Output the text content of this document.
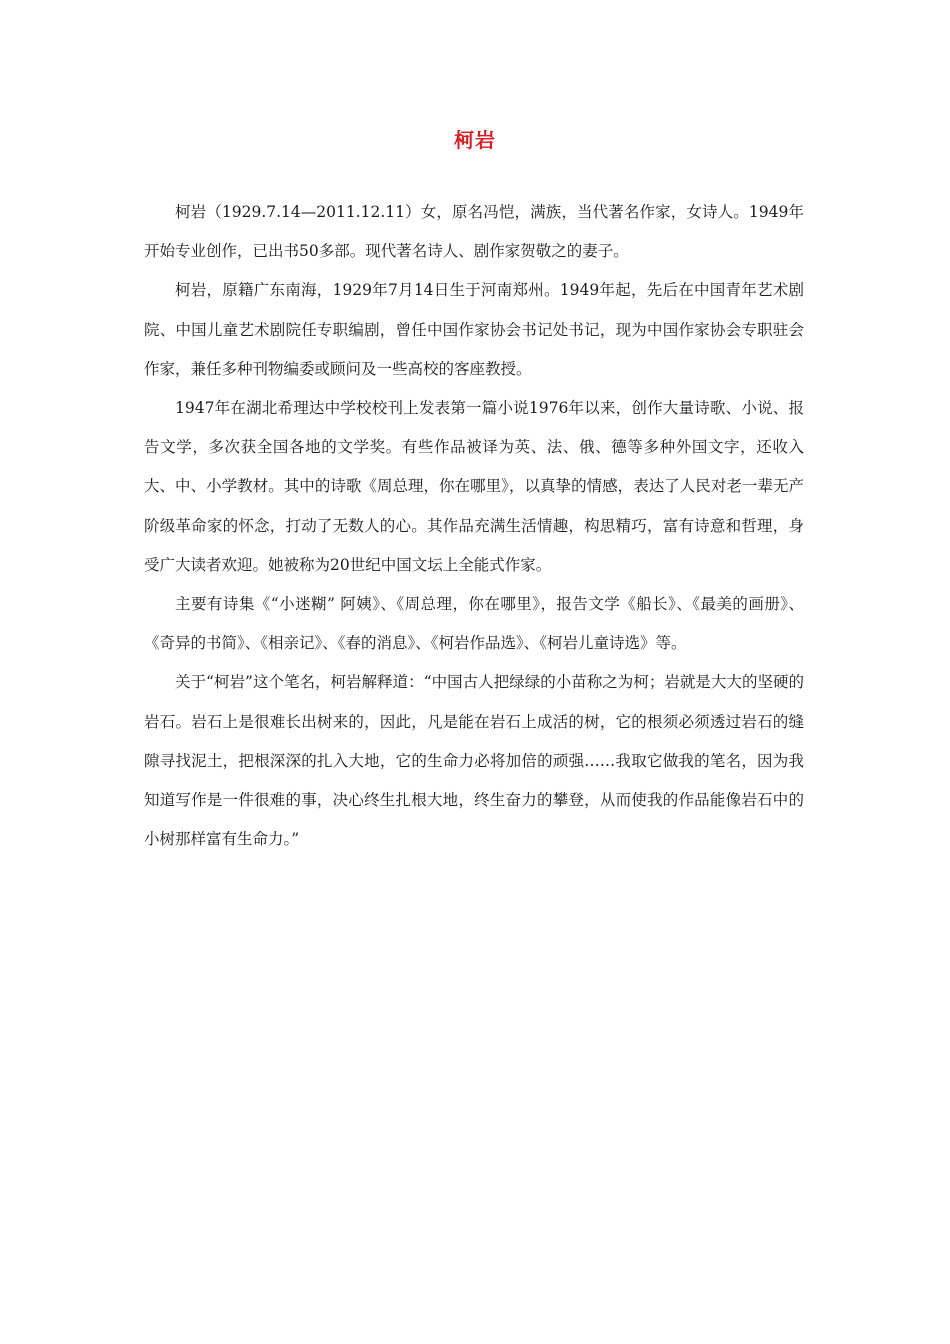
柯岩

柯岩（1929.7.14—2011.12.11）女，原名冯恺，满族，当代著名作家，女诗人。1949年开始专业创作，已出书50多部。现代著名诗人、剧作家贺敬之的妻子。

柯岩，原籍广东南海，1929年7月14日生于河南郑州。1949年起，先后在中国青年艺术剧院、中国儿童艺术剧院任专职编剧，曾任中国作家协会书记处书记，现为中国作家协会专职驻会作家，兼任多种刊物编委或顾问及一些高校的客座教授。

1947年在湖北希理达中学校校刊上发表第一篇小说1976年以来，创作大量诗歌、小说、报告文学，多次获全国各地的文学奖。有些作品被译为英、法、俄、德等多种外国文字，还收入大、中、小学教材。其中的诗歌《周总理，你在哪里》，以真挚的情感，表达了人民对老一辈无产阶级革命家的怀念，打动了无数人的心。其作品充满生活情趣，构思精巧，富有诗意和哲理，身受广大读者欢迎。她被称为20世纪中国文坛上全能式作家。

主要有诗集《“小迷糊” 阿姨》、《周总理，你在哪里》，报告文学《船长》、《最美的画册》、《奇异的书简》、《相亲记》、《春的消息》、《柯岩作品选》、《柯岩儿童诗选》等。

关于“柯岩”这个笔名，柯岩解释道：“中国古人把绿绿的小苗称之为柯；岩就是大大的坚硬的岩石。岩石上是很难长出树来的，因此，凡是能在岩石上成活的树，它的根须必须透过岩石的缝隙寻找泥土，把根深深的扎入大地，它的生命力必将加倍的顽强……我取它做我的笔名，因为我知道写作是一件很难的事，决心终生扎根大地，终生奋力的攀登，从而使我的作品能像岩石中的小树那样富有生命力。”
